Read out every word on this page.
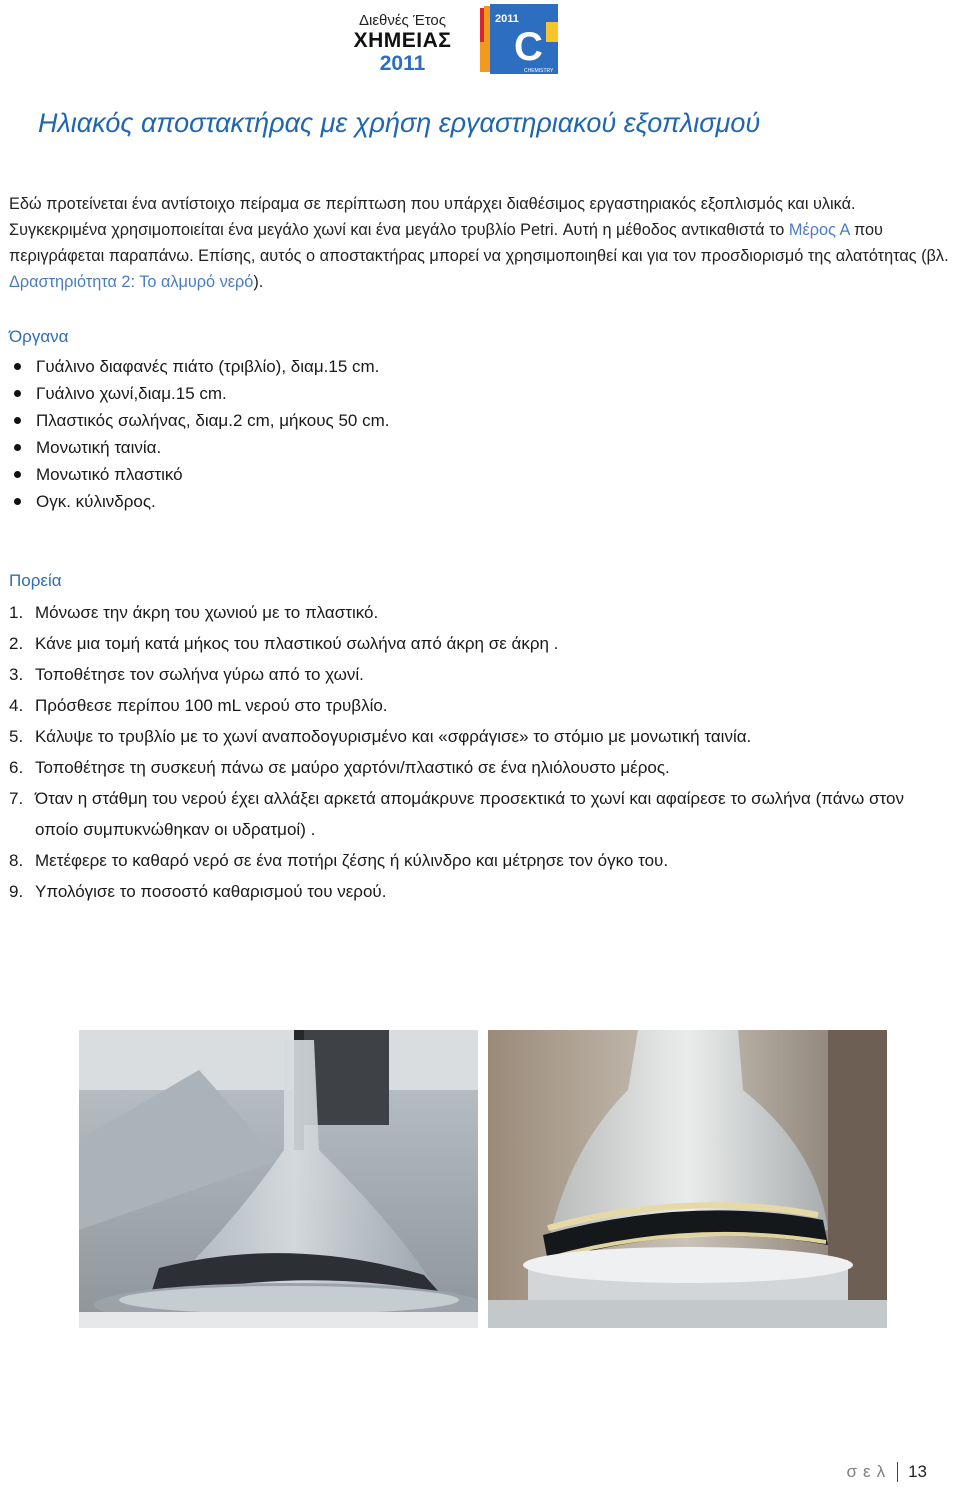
Διεθνές Έτος
ΧΗΜΕΙΑΣ
2011
2011
C
CHEMISTRY
Ηλιακός αποστακτήρας με χρήση εργαστηριακού εξοπλισμού

Εδώ προτείνεται ένα αντίστοιχο πείραμα σε περίπτωση που υπάρχει διαθέσιμος εργαστηριακός εξοπλισμός και υλικά. Συγκεκριμένα χρησιμοποιείται ένα μεγάλο χωνί και ένα μεγάλο τρυβλίο Petri. Αυτή η μέθοδος αντικαθιστά το Μέρος Α που περιγράφεται παραπάνω. Επίσης, αυτός ο αποστακτήρας μπορεί να χρησιμοποιηθεί και για τον προσδιορισμό της αλατότητας (βλ. Δραστηριότητα 2: Το αλμυρό νερό).

Όργανα
Γυάλινο διαφανές πιάτο (τριβλίο), διαμ.15 cm.
Γυάλινο χωνί,διαμ.15 cm.
Πλαστικός σωλήνας, διαμ.2 cm, μήκους 50 cm.
Μονωτική ταινία.
Μονωτικό πλαστικό
Ογκ. κύλινδρος.
Πορεία
1. Μόνωσε την άκρη του χωνιού με το πλαστικό.
2. Κάνε μια τομή κατά μήκος του πλαστικού σωλήνα από άκρη σε άκρη .
3. Τοποθέτησε τον σωλήνα γύρω από το χωνί.
4. Πρόσθεσε περίπου 100 mL νερού στο τρυβλίο.
5. Κάλυψε το τρυβλίο με το χωνί αναποδογυρισμένο και «σφράγισε» το στόμιο με μονωτική ταινία.
6. Τοποθέτησε τη συσκευή πάνω σε μαύρο χαρτόνι/πλαστικό σε ένα ηλιόλουστο μέρος.
7. Όταν η στάθμη του νερού έχει αλλάξει αρκετά απομάκρυνε προσεκτικά το χωνί και αφαίρεσε το σωλήνα (πάνω στον οποίο συμπυκνώθηκαν οι υδρατμοί) .
8. Μετέφερε το καθαρό νερό σε ένα ποτήρι ζέσης ή κύλινδρο και μέτρησε τον όγκο του.
9. Υπολόγισε το ποσοστό καθαρισμού του νερού.
σελ 13
